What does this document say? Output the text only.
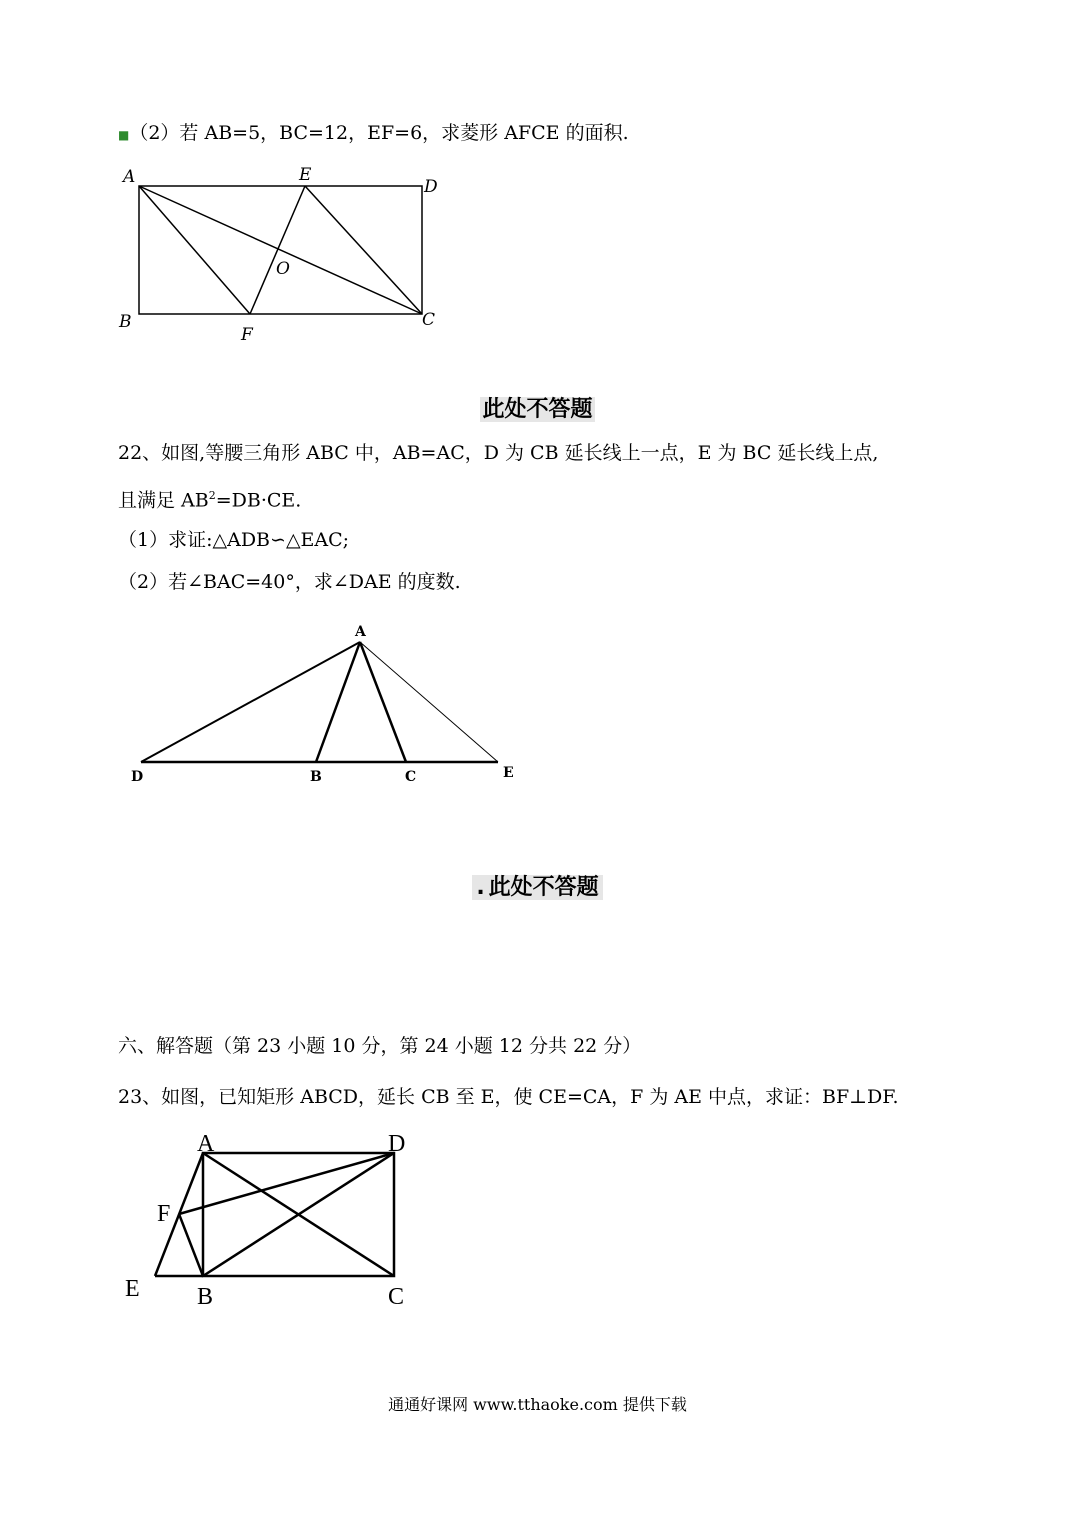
■（2）若 AB=5，BC=12，EF=6，求菱形 AFCE 的面积.
A	E
D
O
B
F
C
此处不答题
22、如图,等腰三角形 ABC 中，AB=AC，D 为 CB 延长线上一点，E 为 BC 延长线上点,
且满足 $AB^2=DB\cdot CE$.
（1）求证:△ADB∽△EAC;
（2）若∠BAC=40°，求∠DAE 的度数.
A
D	B	C	E
. 此处不答题
六、解答题（第 23 小题 10 分，第 24 小题 12 分共 22 分）
23、如图，已知矩形 ABCD，延长 CB 至 E，使 CE=CA，F 为 AE 中点，求证：BF⊥DF.
A	D
F
E B	C
通通好课网 www.tthaoke.com 提供下载
